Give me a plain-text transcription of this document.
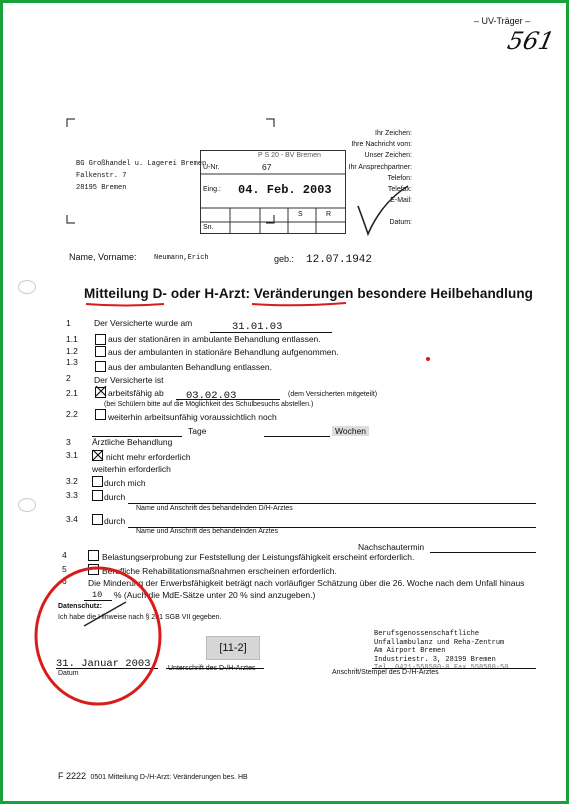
– UV-Träger –
561
BG Großhandel u. Lagerei Bremen
Falkenstr. 7
28195 Bremen
P S 20 - BV Bremen
U-Nr.	67
Eing.: 04. Feb. 2003
S	R
Sn.
Ihr Zeichen:
Ihre Nachricht vom:
Unser Zeichen:
Ihr Ansprechpartner:
Telefon:
Telefax:
E-Mail:
Datum:
Name, Vorname: Neumann,Erich	geb.: 12.07.1942
Mitteilung D- oder H-Arzt: Veränderungen besondere Heilbehandlung
1	Der Versicherte wurde am	31.01.03
1.1	aus der stationären in ambulante Behandlung entlassen.
1.2	aus der ambulanten in stationäre Behandlung aufgenommen.
1.3	aus der ambulanten Behandlung entlassen.
2	Der Versicherte ist
2.1	arbeitsfähig ab 03.02.03	(dem Versicherten mitgeteilt)
(bei Schülern bitte auf die Möglichkeit des Schulbesuchs abstellen.)
2.2	weiterhin arbeitsunfähig voraussichtlich noch
Tage	Wochen
3	Ärztliche Behandlung
3.1	nicht mehr erforderlich
weiterhin erforderlich
3.2	durch mich
3.3	durch
Name und Anschrift des behandelnden D/H-Arztes
3.4	durch
Name und Anschrift des behandelnden Arztes
Nachschautermin
4	Belastungserprobung zur Feststellung der Leistungsfähigkeit erscheint erforderlich.
5	Berufliche Rehabilitationsmaßnahmen erscheinen erforderlich.
6	Die Minderung der Erwerbsfähigkeit beträgt nach vorläufiger Schätzung über die 26. Woche nach dem Unfall hinaus
10 % (Auch die MdE-Sätze unter 20 % sind anzugeben.)
Datenschutz:
Ich habe die Hinweise nach § 201 SGB VII gegeben.
[11-2]
Berufsgenossenschaftliche
Unfallambulanz und Reha-Zentrum
Am Airport Bremen
Industriestr. 3, 28199 Bremen
Tel. 0421-558580-0 Fax 558580-50
31. Januar 2003
Datum
Unterschrift des D-/H-Arztes
Anschrift/Stempel des D-/H-Arztes
F 2222 0501 Mitteilung D-/H-Arzt: Veränderungen bes. HB
